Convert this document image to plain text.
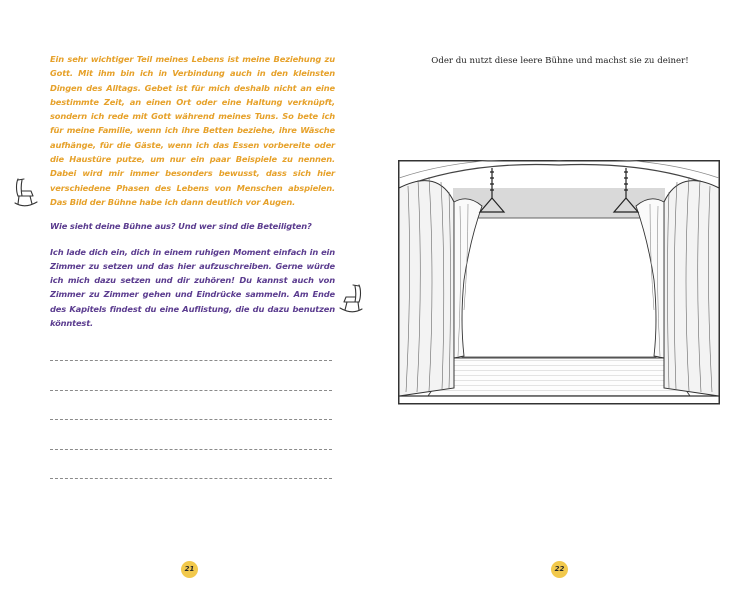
Ein sehr wichtiger Teil meines Lebens ist meine Beziehung zu Gott. Mit ihm bin ich in Verbindung auch in den kleinsten Dingen des Alltags. Gebet ist für mich deshalb nicht an eine bestimmte Zeit, an einen Ort oder eine Haltung verknüpft, sondern ich rede mit Gott während meines Tuns. So bete ich für meine Familie, wenn ich ihre Betten beziehe, ihre Wäsche aufhänge, für die Gäste, wenn ich das Essen vorbereite oder die Haustüre putze, um nur ein paar Beispiele zu nennen. Dabei wird mir immer besonders bewusst, dass sich hier verschiedene Phasen des Lebens von Menschen abspielen. Das Bild der Bühne habe ich dann deutlich vor Augen.

Wie sieht deine Bühne aus? Und wer sind die Beteiligten?

Ich lade dich ein, dich in einem ruhigen Moment einfach in ein Zimmer zu setzen und das hier aufzuschreiben. Gerne würde ich mich dazu setzen und dir zuhören! Du kannst auch von Zimmer zu Zimmer gehen und Eindrücke sammeln. Am Ende des Kapitels findest du eine Auflistung, die du dazu benutzen könntest.

21

Oder du nutzt diese leere Bühne und machst sie zu deiner!

22
